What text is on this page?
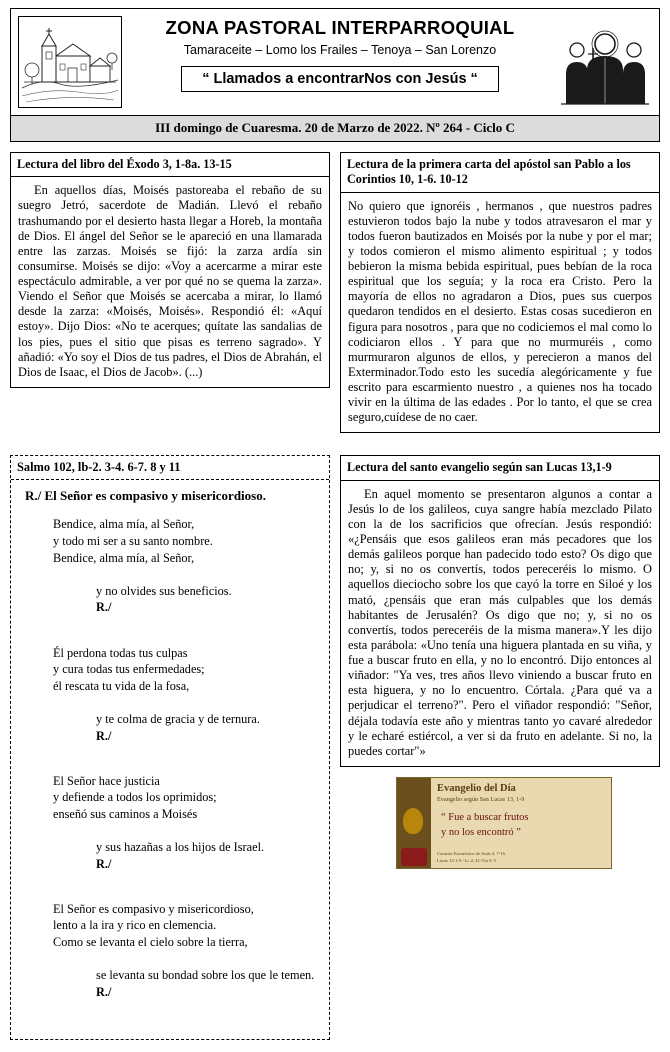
ZONA PASTORAL INTERPARROQUIAL
Tamaraceite – Lomo los Frailes – Tenoya – San Lorenzo
“ Llamados a encontrarNos con Jesús “
III domingo de Cuaresma. 20 de Marzo de 2022. Nº 264 - Ciclo C
Lectura del libro del Éxodo 3, 1-8a. 13-15

En aquellos días, Moisés pastoreaba el rebaño de su suegro Jetró, sacerdote de Madián. Llevó el rebaño trashumando por el desierto hasta llegar a Horeb, la montaña de Dios. El ángel del Señor se le apareció en una llamarada entre las zarzas. Moisés se fijó: la zarza ardía sin consumirse. Moisés se dijo: «Voy a acercarme a mirar este espectáculo admirable, a ver por qué no se quema la zarza». Viendo el Señor que Moisés se acercaba a mirar, lo llamó desde la zarza: «Moisés, Moisés». Respondió él: «Aquí estoy». Dijo Dios: «No te acerques; quítate las sandalias de los pies, pues el sitio que pisas es terreno sagrado». Y añadió: «Yo soy el Dios de tus padres, el Dios de Abrahán, el Dios de Isaac, el Dios de Jacob». (...)

Lectura de la primera carta del apóstol san Pablo a los Corintios 10, 1-6. 10-12

No quiero que ignoréis , hermanos , que nuestros padres estuvieron todos bajo la nube y todos atravesaron el mar y todos fueron bautizados en Moisés por la nube y por el mar; y todos comieron el mismo alimento espiritual ; y todos bebieron la misma bebida espiritual, pues bebían de la roca espiritual que los seguía; y la roca era Cristo. Pero la mayoría de ellos no agradaron a Dios, pues sus cuerpos quedaron tendidos en el desierto. Estas cosas sucedieron en figura para nosotros , para que no codiciemos el mal como lo codiciaron ellos . Y para que no murmuréis , como murmuraron algunos de ellos, y perecieron a manos del Exterminador.Todo esto les sucedía alegóricamente y fue escrito para escarmiento nuestro , a quienes nos ha tocado vivir en la última de las edades . Por lo tanto, el que se crea seguro,cuídese de no caer.

Salmo 102, lb-2. 3-4. 6-7. 8 y 11
R./ El Señor es compasivo y misericordioso.
Bendice, alma mía, al Señor,
y todo mi ser a su santo nombre.
Bendice, alma mía, al Señor,

y no olvides sus beneficios.
R./

Él perdona todas tus culpas
y cura todas tus enfermedades;
él rescata tu vida de la fosa,

y te colma de gracia y de ternura.
R./

El Señor hace justicia
y defiende a todos los oprimidos;
enseñó sus caminos a Moisés

y sus hazañas a los hijos de Israel.
R./

El Señor es compasivo y misericordioso,
lento a la ira y rico en clemencia.
Como se levanta el cielo sobre la tierra,

se levanta su bondad sobre los que le temen.
R./

Lectura del santo evangelio según san Lucas 13,1-9

En aquel momento se presentaron algunos a contar a Jesús lo de los galileos, cuya sangre había mezclado Pilato con la de los sacrificios que ofrecían. Jesús respondió: «¿Pensáis que esos galileos eran más pecadores que los demás galileos porque han padecido todo esto? Os digo que no; y, si no os convertís, todos pereceréis lo mismo. O aquellos dieciocho sobre los que cayó la torre en Siloé y los mató, ¿pensáis que eran más culpables que los demás habitantes de Jerusalén? Os digo que no; y, si no os convertís, todos pereceréis de la misma manera».Y les dijo esta parábola: «Uno tenía una higuera plantada en su viña, y fue a buscar fruto en ella, y no lo encontró. Dijo entonces al viñador: "Ya ves, tres años llevo viniendo a buscar fruto en esta higuera, y no lo encuentro. Córtala. ¿Para qué va a perjudicar el terreno?". Pero el viñador respondió: "Señor, déjala todavía este año y mientras tanto yo cavaré alrededor y le echaré estiércol, a ver si da fruto en adelante. Si no, la puedes cortar"»

Evangelio del Día
Evangelio según San Lucas 13, 1-9
“ Fue a buscar frutos
y no los encontró ”
Corazón Eucarístico de Jesús 4, 7-16.
Lucas 13:1-9 / Lc 2, 41-51a 9, 5.
